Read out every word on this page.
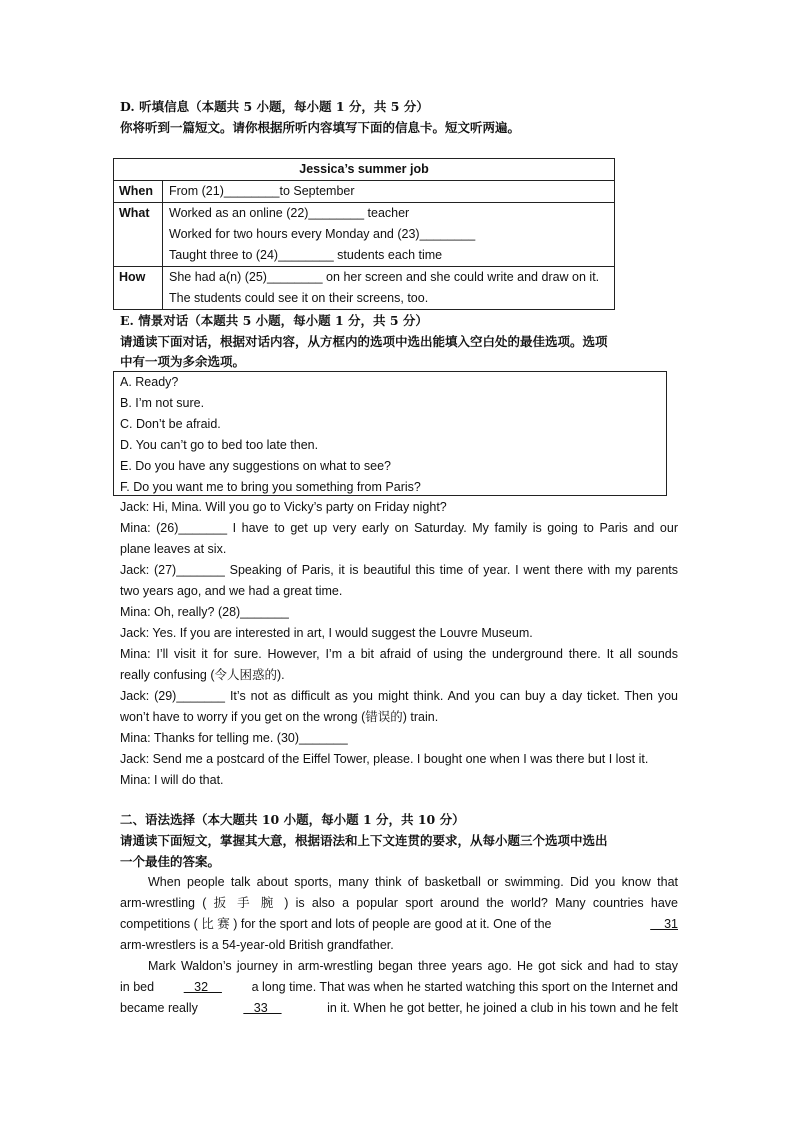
D. 听填信息（本题共 5 小题，每小题 1 分，共 5 分）
你将听到一篇短文。请你根据所听内容填写下面的信息卡。短文听两遍。
Jessica’s summer job	
When	From (21)________to September

What	Worked as an online (22)________ teacher
Worked for two hours every Monday and (23)________
Taught three to (24)________ students each time

How	She had a(n) (25)________ on her screen and she could write and draw on it.
The students could see it on their screens, too.
E. 情景对话（本题共 5 小题，每小题 1 分，共 5 分）
请通读下面对话，根据对话内容，从方框内的选项中选出能填入空白处的最佳选项。选项
中有一项为多余选项。
A. Ready?
B. I’m not sure.
C. Don’t be afraid.
D. You can’t go to bed too late then.
E. Do you have any suggestions on what to see?
F. Do you want me to bring you something from Paris?
Jack: Hi, Mina. Will you go to Vicky’s party on Friday night?
Mina: (26)_______ I have to get up very early on Saturday. My family is going to Paris and our
plane leaves at six.
Jack: (27)_______ Speaking of Paris, it is beautiful this time of year. I went there with my parents
two years ago, and we had a great time.
Mina: Oh, really? (28)_______
Jack: Yes. If you are interested in art, I would suggest the Louvre Museum.
Mina: I’ll visit it for sure. However, I’m a bit afraid of using the underground there. It all sounds
really confusing (令人困惑的).
Jack: (29)_______ It’s not as difficult as you might think. And you can buy a day ticket. Then you
won’t have to worry if you get on the wrong (错误的) train.
Mina: Thanks for telling me. (30)_______
Jack: Send me a postcard of the Eiffel Tower, please. I bought one when I was there but I lost it.
Mina: I will do that.
二、语法选择（本大题共 10 小题，每小题 1 分，共 10 分）
请通读下面短文，掌握其大意，根据语法和上下文连贯的要求，从每小题三个选项中选出
一个最佳的答案。
When people talk about sports, many think of basketball or swimming. Did you know that
arm-wrestling ( 扳 手 腕 ) is also a popular sport around the world? Many countries have
competitions ( 比 赛 ) for the sport and lots of people are good at it. One of the	31
arm-wrestlers is a 54-year-old British grandfather.
Mark Waldon’s journey in arm-wrestling began three years ago. He got sick and had to stay
in bed 32 a long time. That was when he started watching this sport on the Internet and
became really	33	in it. When he got better, he joined a club in his town and he felt
